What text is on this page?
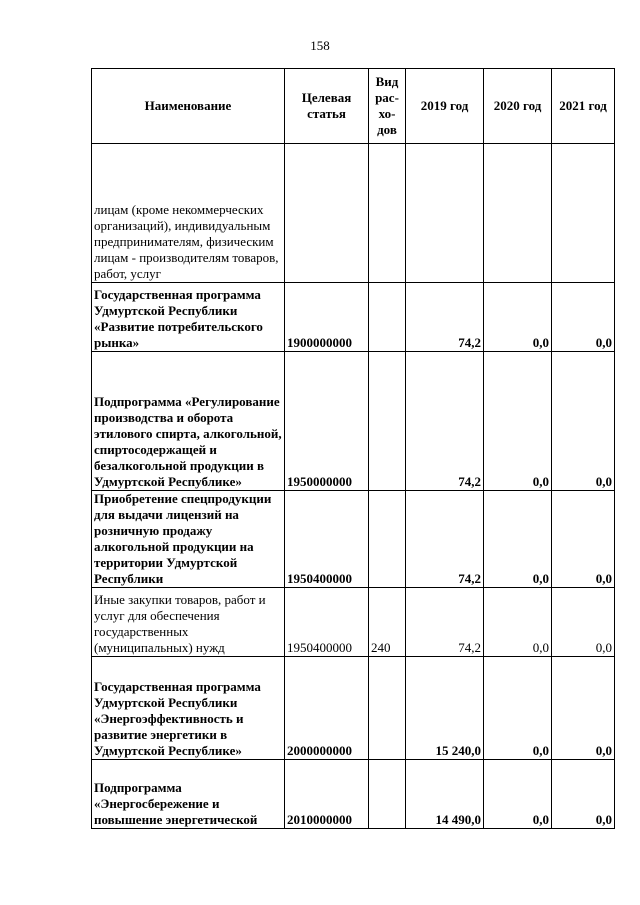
158
Наименование	Целевая статья	Вид рас-хо-дов	2019 год	2020 год	2021 год
лицам (кроме некоммерческих организаций), индивидуальным предпринимателям, физическим лицам - производителям товаров, работ, услуг					
Государственная программа Удмуртской Республики «Развитие потребительского рынка»	1900000000		74,2	0,0	0,0
Подпрограмма «Регулирование производства и оборота этилового спирта, алкогольной, спиртосодержащей и безалкогольной продукции в Удмуртской Республике»	1950000000		74,2	0,0	0,0
Приобретение спецпродукции для выдачи лицензий на розничную продажу алкогольной продукции на территории Удмуртской Республики	1950400000		74,2	0,0	0,0
Иные закупки товаров, работ и услуг для обеспечения государственных (муниципальных) нужд	1950400000	240	74,2	0,0	0,0
Государственная программа Удмуртской Республики «Энергоэффективность и развитие энергетики в Удмуртской Республике»	2000000000		15 240,0	0,0	0,0
Подпрограмма «Энергосбережение и повышение энергетической	2010000000		14 490,0	0,0	0,0
